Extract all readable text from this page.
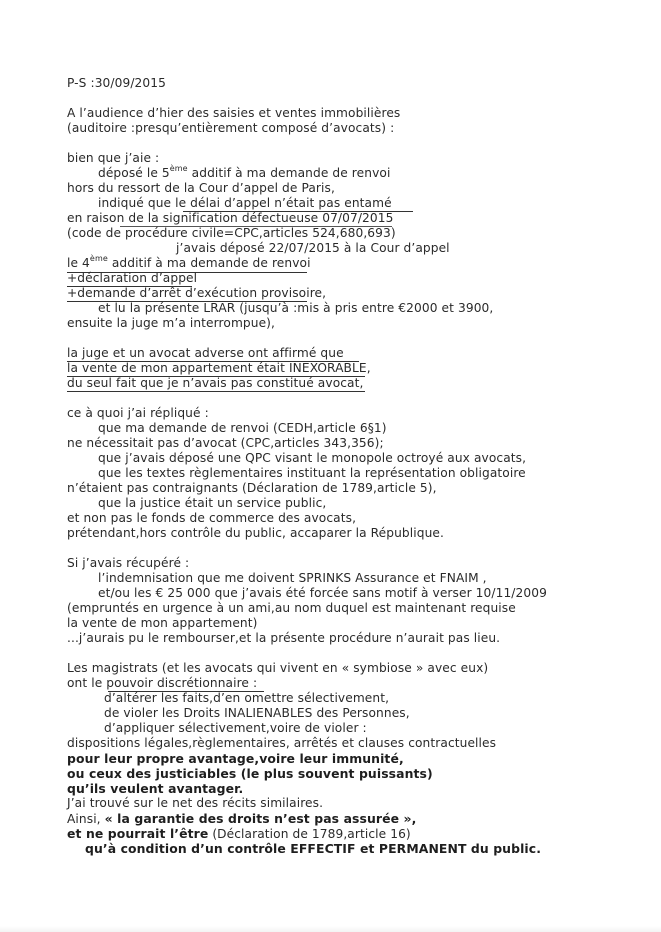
P-S :30/09/2015
A l’audience d’hier des saisies et ventes immobilières
(auditoire :presqu’entièrement composé d’avocats) :
bien que j’aie :
déposé le 5ème additif à ma demande de renvoi
hors du ressort de la Cour d’appel de Paris,
indiqué que le délai d’appel n’était pas entamé
en raison de la signification défectueuse 07/07/2015
(code de procédure civile=CPC,articles 524,680,693)
j’avais déposé 22/07/2015 à la Cour d’appel
le 4ème additif à ma demande de renvoi
+déclaration d’appel
+demande d’arrêt d’exécution provisoire,
et lu la présente LRAR (jusqu’à :mis à pris entre €2000 et 3900,
ensuite la juge m’a interrompue),
la juge et un avocat adverse ont affirmé que
la vente de mon appartement était INEXORABLE,
du seul fait que je n’avais pas constitué avocat,
ce à quoi j’ai répliqué :
que ma demande de renvoi (CEDH,article 6§1)
ne nécessitait pas d’avocat (CPC,articles 343,356);
que j’avais déposé une QPC visant le monopole octroyé aux avocats,
que les textes règlementaires instituant la représentation obligatoire
n’étaient pas contraignants (Déclaration de 1789,article 5),
que la justice était un service public,
et non pas le fonds de commerce des avocats,
prétendant,hors contrôle du public, accaparer la République.
Si j’avais récupéré :
l’indemnisation que me doivent SPRINKS Assurance et FNAIM ,
et/ou les € 25 000 que j’avais été forcée sans motif à verser 10/11/2009
(empruntés en urgence à un ami,au nom duquel est maintenant requise
la vente de mon appartement)
...j’aurais pu le rembourser,et la présente procédure n’aurait pas lieu.
Les magistrats (et les avocats qui vivent en « symbiose » avec eux)
ont le pouvoir discrétionnaire :
d’altérer les faits,d’en omettre sélectivement,
de violer les Droits INALIENABLES des Personnes,
d’appliquer sélectivement,voire de violer :
dispositions légales,règlementaires, arrêtés et clauses contractuelles
pour leur propre avantage,voire leur immunité,
ou ceux des justiciables (le plus souvent puissants)
qu’ils veulent avantager.
J’ai trouvé sur le net des récits similaires.
Ainsi, « la garantie des droits n’est pas assurée »,
et ne pourrait l’être (Déclaration de 1789,article 16)
qu’à condition d’un contrôle EFFECTIF et PERMANENT du public.
